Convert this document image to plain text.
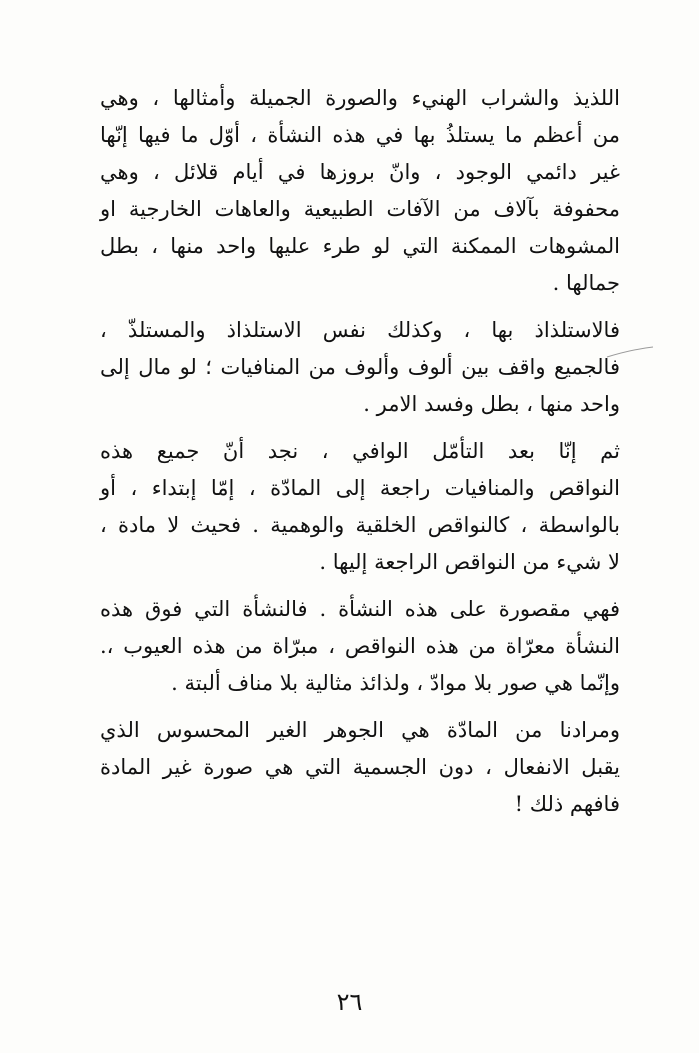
اللذيذ والشراب الهنيء والصورة الجميلة وأمثالها ، وهي
من أعظم ما يستلذُ بها في هذه النشأة ، أوّل ما فيها إنّها
غير دائمي الوجود ، وانّ بروزها في أيام قلائل ، وهي
محفوفة بآلاف من الآفات الطبيعية والعاهات الخارجية او
المشوهات الممكنة التي لو طرء عليها واحد منها ، بطل
جمالها .
فالاستلذاذ بها ، وكذلك نفس الاستلذاذ والمستلذّ ،
فالجميع واقف بين ألوف وألوف من المنافيات ؛ لو مال إلى
واحد منها ، بطل وفسد الامر .
ثم إنّا بعد التأمّل الوافي ، نجد أنّ جميع هذه
النواقص والمنافيات راجعة إلى المادّة ، إمّا إبتداء ، أو
بالواسطة ، كالنواقص الخلقية والوهمية . فحيث لا مادة ،
لا شيء من النواقص الراجعة إليها .
فهي مقصورة على هذه النشأة . فالنشأة التي فوق هذه
النشأة معرّاة من هذه النواقص ، مبرّاة من هذه العيوب ،.
وإنّما هي صور بلا موادّ ، ولذائذ مثالية بلا مناف ألبتة .
ومرادنا من المادّة هي الجوهر الغير المحسوس الذي
يقبل الانفعال ، دون الجسمية التي هي صورة غير المادة
فافهم ذلك !
٢٦
